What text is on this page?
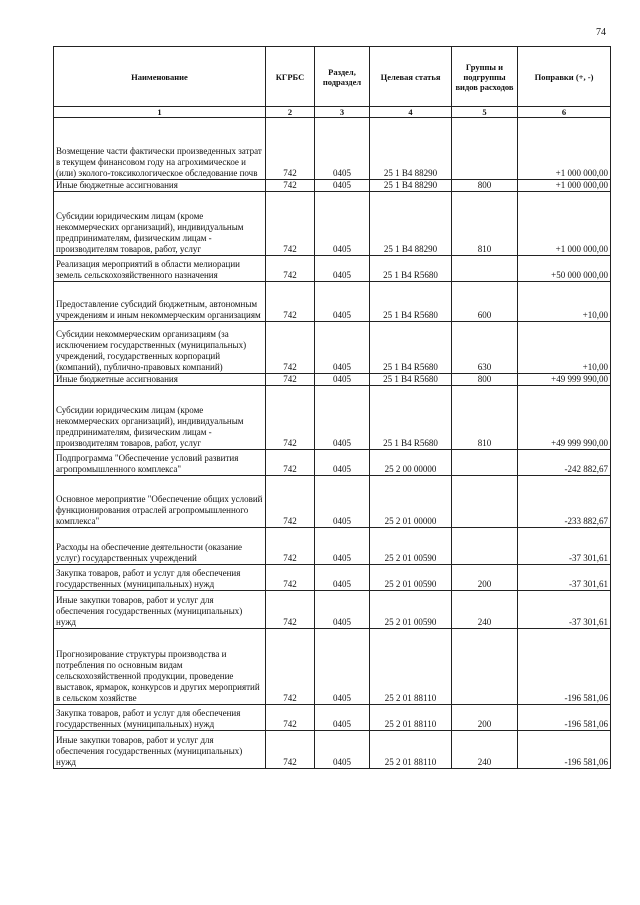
74
Наименование	КГРБС	Раздел, подраздел	Целевая статья	Группы и подгруппы видов расходов	Поправки (+, -)
1	2	3	4	5	6
Возмещение части фактически произведенных затрат в текущем финансовом году на агрохимическое и (или) эколого-токсикологическое обследование почв	742	0405	25 1 В4 88290		+1 000 000,00
Иные бюджетные ассигнования	742	0405	25 1 В4 88290	800	+1 000 000,00
Субсидии юридическим лицам (кроме некоммерческих организаций), индивидуальным предпринимателям, физическим лицам - производителям товаров, работ, услуг	742	0405	25 1 В4 88290	810	+1 000 000,00
Реализация мероприятий в области мелиорации земель сельскохозяйственного назначения	742	0405	25 1 В4 R5680		+50 000 000,00
Предоставление субсидий бюджетным, автономным учреждениям и иным некоммерческим организациям	742	0405	25 1 В4 R5680	600	+10,00
Субсидии некоммерческим организациям (за исключением государственных (муниципальных) учреждений, государственных корпораций (компаний), публично-правовых компаний)	742	0405	25 1 В4 R5680	630	+10,00
Иные бюджетные ассигнования	742	0405	25 1 В4 R5680	800	+49 999 990,00
Субсидии юридическим лицам (кроме некоммерческих организаций), индивидуальным предпринимателям, физическим лицам - производителям товаров, работ, услуг	742	0405	25 1 В4 R5680	810	+49 999 990,00
Подпрограмма "Обеспечение условий развития агропромышленного комплекса"	742	0405	25 2 00 00000		-242 882,67
Основное мероприятие "Обеспечение общих условий функционирования отраслей агропромышленного комплекса"	742	0405	25 2 01 00000		-233 882,67
Расходы на обеспечение деятельности (оказание услуг) государственных учреждений	742	0405	25 2 01 00590		-37 301,61
Закупка товаров, работ и услуг для обеспечения государственных (муниципальных) нужд	742	0405	25 2 01 00590	200	-37 301,61
Иные закупки товаров, работ и услуг для обеспечения государственных (муниципальных) нужд	742	0405	25 2 01 00590	240	-37 301,61
Прогнозирование структуры производства и потребления по основным видам сельскохозяйственной продукции, проведение выставок, ярмарок, конкурсов и других мероприятий в сельском хозяйстве	742	0405	25 2 01 88110		-196 581,06
Закупка товаров, работ и услуг для обеспечения государственных (муниципальных) нужд	742	0405	25 2 01 88110	200	-196 581,06
Иные закупки товаров, работ и услуг для обеспечения государственных (муниципальных) нужд	742	0405	25 2 01 88110	240	-196 581,06
